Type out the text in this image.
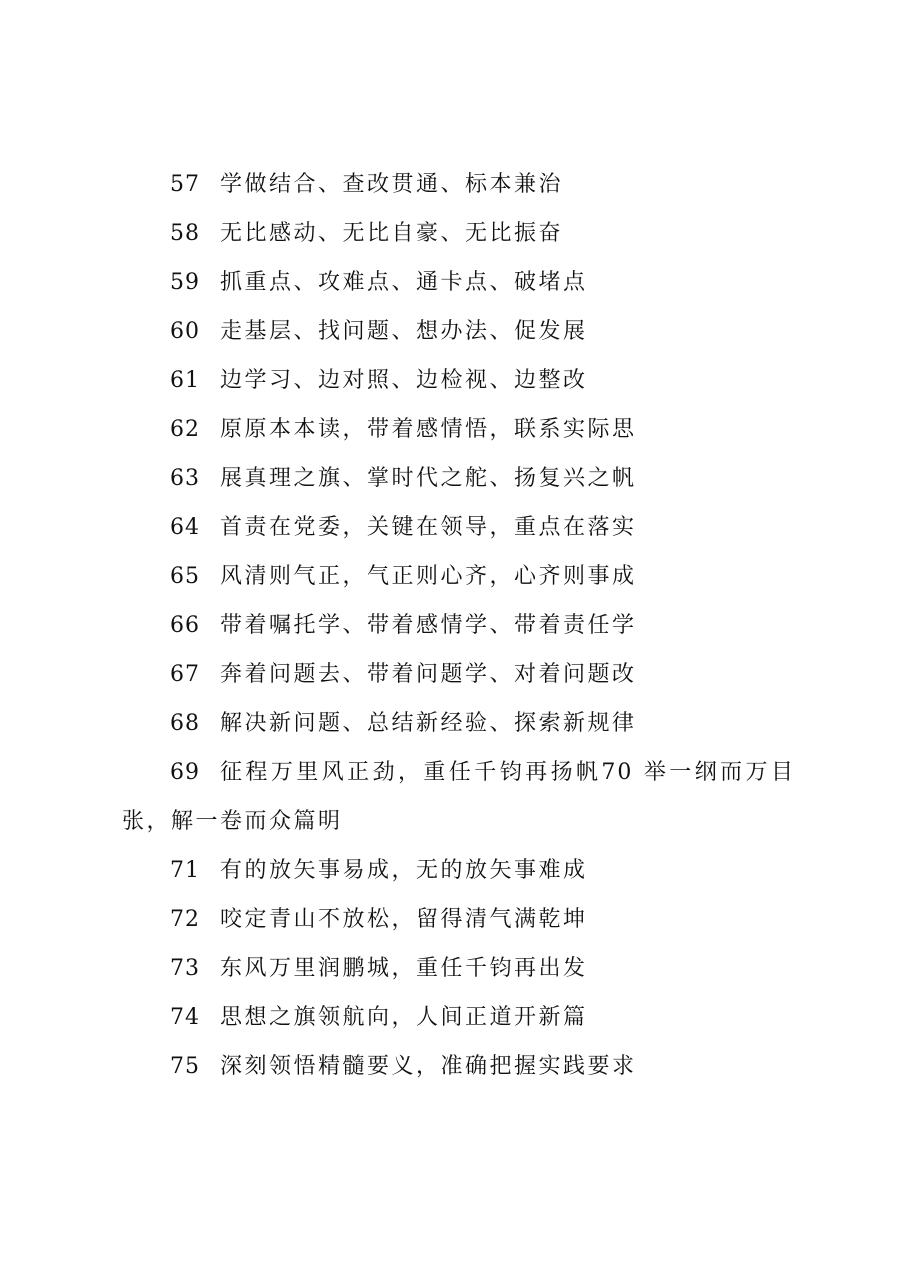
57 学做结合、查改贯通、标本兼治
58 无比感动、无比自豪、无比振奋
59 抓重点、攻难点、通卡点、破堵点
60 走基层、找问题、想办法、促发展
61 边学习、边对照、边检视、边整改
62 原原本本读，带着感情悟，联系实际思
63 展真理之旗、掌时代之舵、扬复兴之帆
64 首责在党委，关键在领导，重点在落实
65 风清则气正，气正则心齐，心齐则事成
66 带着嘱托学、带着感情学、带着责任学
67 奔着问题去、带着问题学、对着问题改
68 解决新问题、总结新经验、探索新规律
69 征程万里风正劲，重任千钧再扬帆70 举一纲而万目
张，解一卷而众篇明
71 有的放矢事易成，无的放矢事难成
72 咬定青山不放松，留得清气满乾坤
73 东风万里润鹏城，重任千钧再出发
74 思想之旗领航向，人间正道开新篇
75 深刻领悟精髓要义，准确把握实践要求
